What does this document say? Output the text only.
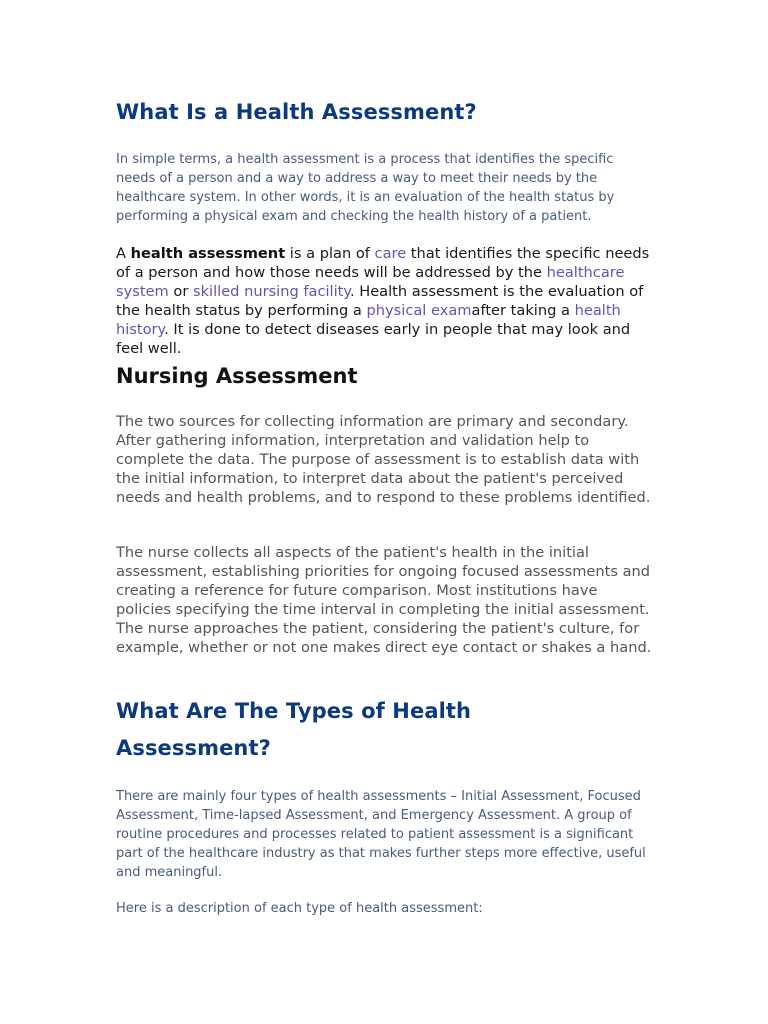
What Is a Health Assessment?

In simple terms, a health assessment is a process that identifies the specific needs of a person and a way to address a way to meet their needs by the healthcare system. In other words, it is an evaluation of the health status by performing a physical exam and checking the health history of a patient.

A health assessment is a plan of care that identifies the specific needs of a person and how those needs will be addressed by the healthcare system or skilled nursing facility. Health assessment is the evaluation of the health status by performing a physical examafter taking a health history. It is done to detect diseases early in people that may look and feel well.

Nursing Assessment

The two sources for collecting information are primary and secondary. After gathering information, interpretation and validation help to complete the data. The purpose of assessment is to establish data with the initial information, to interpret data about the patient's perceived needs and health problems, and to respond to these problems identified.

The nurse collects all aspects of the patient's health in the initial assessment, establishing priorities for ongoing focused assessments and creating a reference for future comparison. Most institutions have policies specifying the time interval in completing the initial assessment. The nurse approaches the patient, considering the patient's culture, for example, whether or not one makes direct eye contact or shakes a hand.

What Are The Types of Health Assessment?

There are mainly four types of health assessments – Initial Assessment, Focused Assessment, Time-lapsed Assessment, and Emergency Assessment. A group of routine procedures and processes related to patient assessment is a significant part of the healthcare industry as that makes further steps more effective, useful and meaningful.

Here is a description of each type of health assessment:
